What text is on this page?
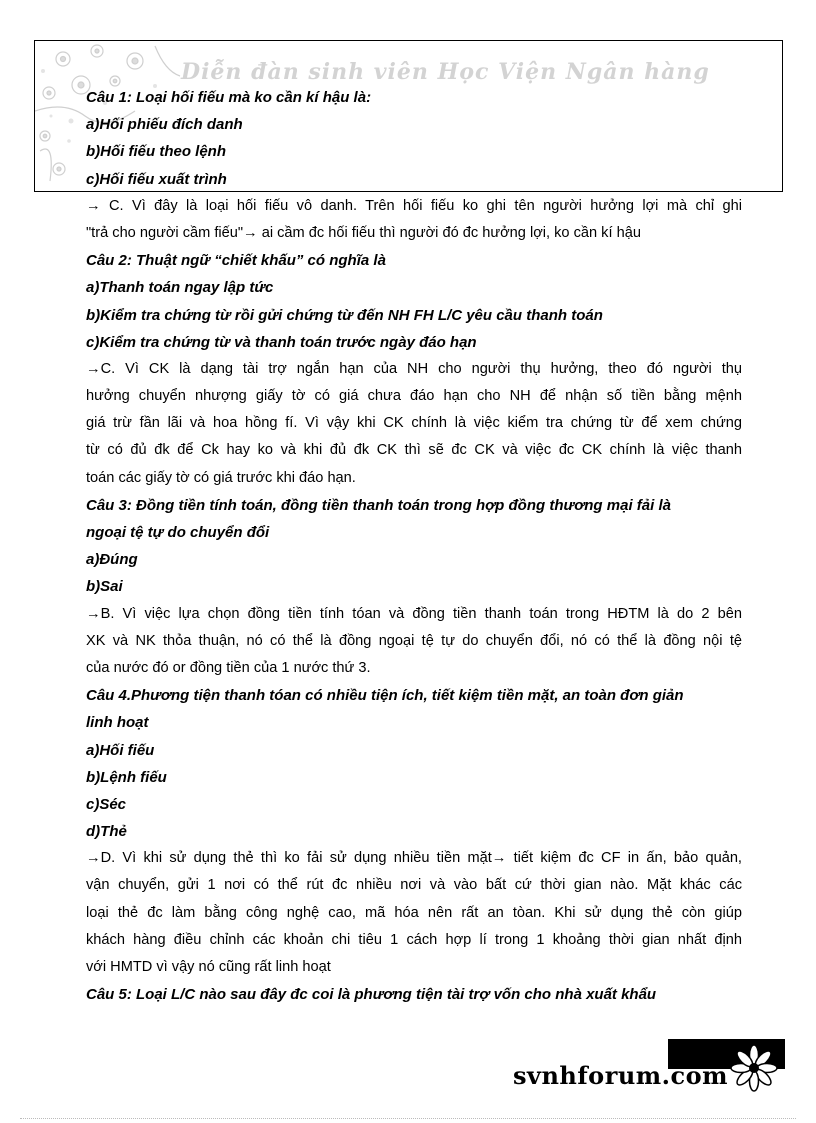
Diễn đàn sinh viên Học Viện Ngân hàng
Câu 1: Loại hối fiếu mà ko cần kí hậu là:
a)Hối phiếu đích danh
b)Hối fiếu theo lệnh
c)Hối fiếu xuất trình
→ C. Vì đây là loại hối fiếu vô danh. Trên hối fiếu ko ghi tên người hưởng lợi mà chỉ ghi
"trả cho người cầm fiếu"→ ai cầm đc hối fiếu thì người đó đc hưởng lợi, ko cần kí hậu
Câu 2: Thuật ngữ “chiết khấu” có nghĩa là
a)Thanh toán ngay lập tức
b)Kiểm tra chứng từ rồi gửi chứng từ đến NH FH L/C yêu cầu thanh toán
c)Kiểm tra chứng từ và thanh toán trước ngày đáo hạn
→C. Vì CK là dạng tài trợ ngắn hạn của NH cho người thụ hưởng, theo đó người thụ
hưởng chuyển nhượng giấy tờ có giá chưa đáo hạn cho NH để nhận số tiền bằng mệnh
giá trừ fần lãi và hoa hồng fí. Vì vậy khi CK chính là việc kiểm tra chứng từ để xem chứng
từ có đủ đk để Ck hay ko và khi đủ đk CK thì sẽ đc CK và việc đc CK chính là việc thanh
toán các giấy tờ có giá trước khi đáo hạn.
Câu 3: Đồng tiền tính toán, đồng tiền thanh toán trong hợp đồng thương mại fải là
ngoại tệ tự do chuyển đổi
a)Đúng
b)Sai
→B. Vì việc lựa chọn đồng tiền tính tóan và đồng tiền thanh toán trong HĐTM là do 2 bên
XK và NK thỏa thuận, nó có thể là đồng ngoại tệ tự do chuyển đổi, nó có thể là đồng nội tệ
của nước đó or đồng tiền của 1 nước thứ 3.
Câu 4.Phương tiện thanh tóan có nhiều tiện ích, tiết kiệm tiền mặt, an toàn đơn giản
linh hoạt
a)Hối fiếu
b)Lệnh fiếu
c)Séc
d)Thẻ
→D. Vì khi sử dụng thẻ thì ko fải sử dụng nhiều tiền mặt→ tiết kiệm đc CF in ấn, bảo quản,
vận chuyển, gửi 1 nơi có thể rút đc nhiều nơi và vào bất cứ thời gian nào. Mặt khác các
loại thẻ đc làm bằng công nghệ cao, mã hóa nên rất an tòan. Khi sử dụng thẻ còn giúp
khách hàng điều chỉnh các khoản chi tiêu 1 cách hợp lí trong 1 khoảng thời gian nhất định
với HMTD vì vậy nó cũng rất linh hoạt
Câu 5: Loại L/C nào sau đây đc coi là phương tiện tài trợ vốn cho nhà xuất khẩu
svnhforum.com
